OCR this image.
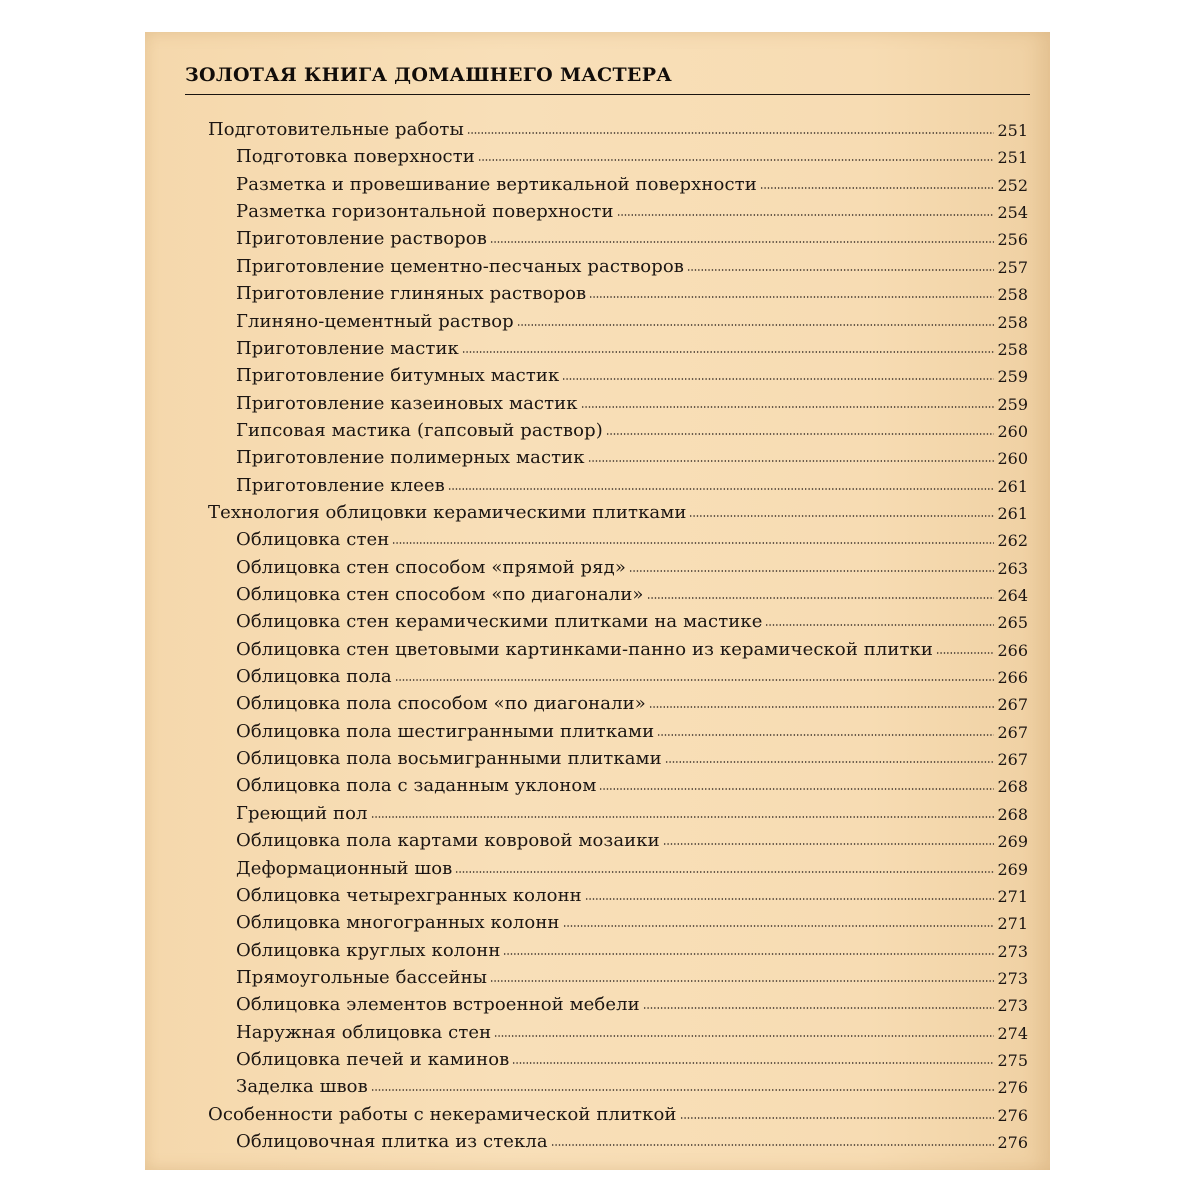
ЗОЛОТАЯ КНИГА ДОМАШНЕГО МАСТЕРА
Подготовительные работы	251
Подготовка поверхности	251
Разметка и провешивание вертикальной поверхности	252
Разметка горизонтальной поверхности	254
Приготовление растворов	256
Приготовление цементно-песчаных растворов	257
Приготовление глиняных растворов	258
Глиняно-цементный раствор	258
Приготовление мастик	258
Приготовление битумных мастик	259
Приготовление казеиновых мастик	259
Гипсовая мастика (гапсовый раствор)	260
Приготовление полимерных мастик	260
Приготовление клеев	261
Технология облицовки керамическими плитками	261
Облицовка стен	262
Облицовка стен способом «прямой ряд»	263
Облицовка стен способом «по диагонали»	264
Облицовка стен керамическими плитками на мастике	265
Облицовка стен цветовыми картинками-панно из керамической плитки	266
Облицовка пола	266
Облицовка пола способом «по диагонали»	267
Облицовка пола шестигранными плитками	267
Облицовка пола восьмигранными плитками	267
Облицовка пола с заданным уклоном	268
Греющий пол	268
Облицовка пола картами ковровой мозаики	269
Деформационный шов	269
Облицовка четырехгранных колонн	271
Облицовка многогранных колонн	271
Облицовка круглых колонн	273
Прямоугольные бассейны	273
Облицовка элементов встроенной мебели	273
Наружная облицовка стен	274
Облицовка печей и каминов	275
Заделка швов	276
Особенности работы с некерамической плиткой	276
Облицовочная плитка из стекла	276
